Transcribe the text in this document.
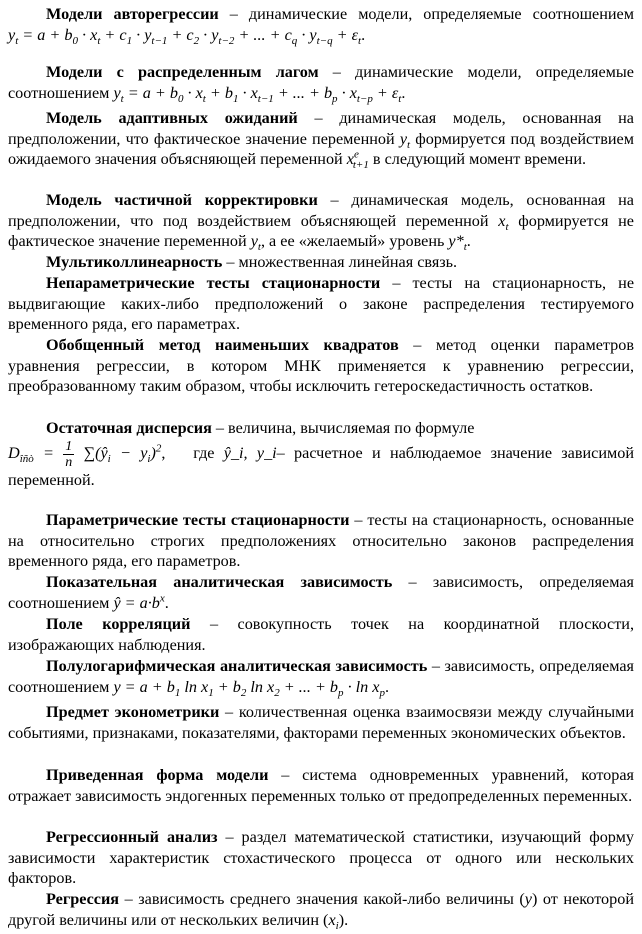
Модели авторегрессии – динамические модели, определяемые соотношением $y_t = a + b_0 \cdot x_t + c_1 \cdot y_{t-1} + c_2 \cdot y_{t-2}$ + ... + $c_q \cdot y_{t-q} + \varepsilon_t$.

Модели с распределенным лагом – динамические модели, определяемые соотношением $y_t = a + b_0 \cdot x_t + b_1 \cdot x_{t-1}$ + ... + $b_p \cdot x_{t-p} + \varepsilon_t$.

Модель адаптивных ожиданий – динамическая модель, основанная на предположении, что фактическое значение переменной $y_t$ формируется под воздействием ожидаемого значения объясняющей переменной $x^e_{t+1}$ в следующий момент времени.

Модель частичной корректировки – динамическая модель, основанная на предположении, что под воздействием объясняющей переменной $x_t$ формируется не фактическое значение переменной $y_t$, а ее «желаемый» уровень $y*_t$.

Мультиколлинеарность – множественная линейная связь.

Непараметрические тесты стационарности – тесты на стационарность, не выдвигающие каких-либо предположений о законе распределения тестируемого временного ряда, его параметрах.

Обобщенный метод наименьших квадратов – метод оценки параметров уравнения регрессии, в котором МНК применяется к уравнению регрессии, преобразованному таким образом, чтобы исключить гетероскедастичность остатков.

Остаточная дисперсия – величина, вычисляемая по формуле
$D_{îñò} = \frac{1}{n}$ $\sum(ŷ_i - y_i)^2$,   где ŷ_i, y_i– расчетное и наблюдаемое значение зависимой переменной.

Параметрические тесты стационарности – тесты на стационарность, основанные на относительно строгих предположениях относительно законов распределения временного ряда, его параметров.

Показательная аналитическая зависимость – зависимость, определяемая соотношением ŷ = $a\cdot b^x$.

Поле корреляций – совокупность точек на координатной плоскости, изображающих наблюдения.

Полулогарифмическая аналитическая зависимость – зависимость, определяемая соотношением $y = a + b_1$ $\ln x_1 + b_2$ $\ln x_2$ + ... + $b_p \cdot \ln x_p$.

Предмет эконометрики – количественная оценка взаимосвязи между случайными событиями, признаками, показателями, факторами переменных экономических объектов.

Приведенная форма модели – система одновременных уравнений, которая отражает зависимость эндогенных переменных только от предопределенных переменных.

Регрессионный анализ – раздел математической статистики, изучающий форму зависимости характеристик стохастического процесса от одного или нескольких факторов.

Регрессия – зависимость среднего значения какой-либо величины (y) от некоторой другой величины или от нескольких величин $(x_i)$.
